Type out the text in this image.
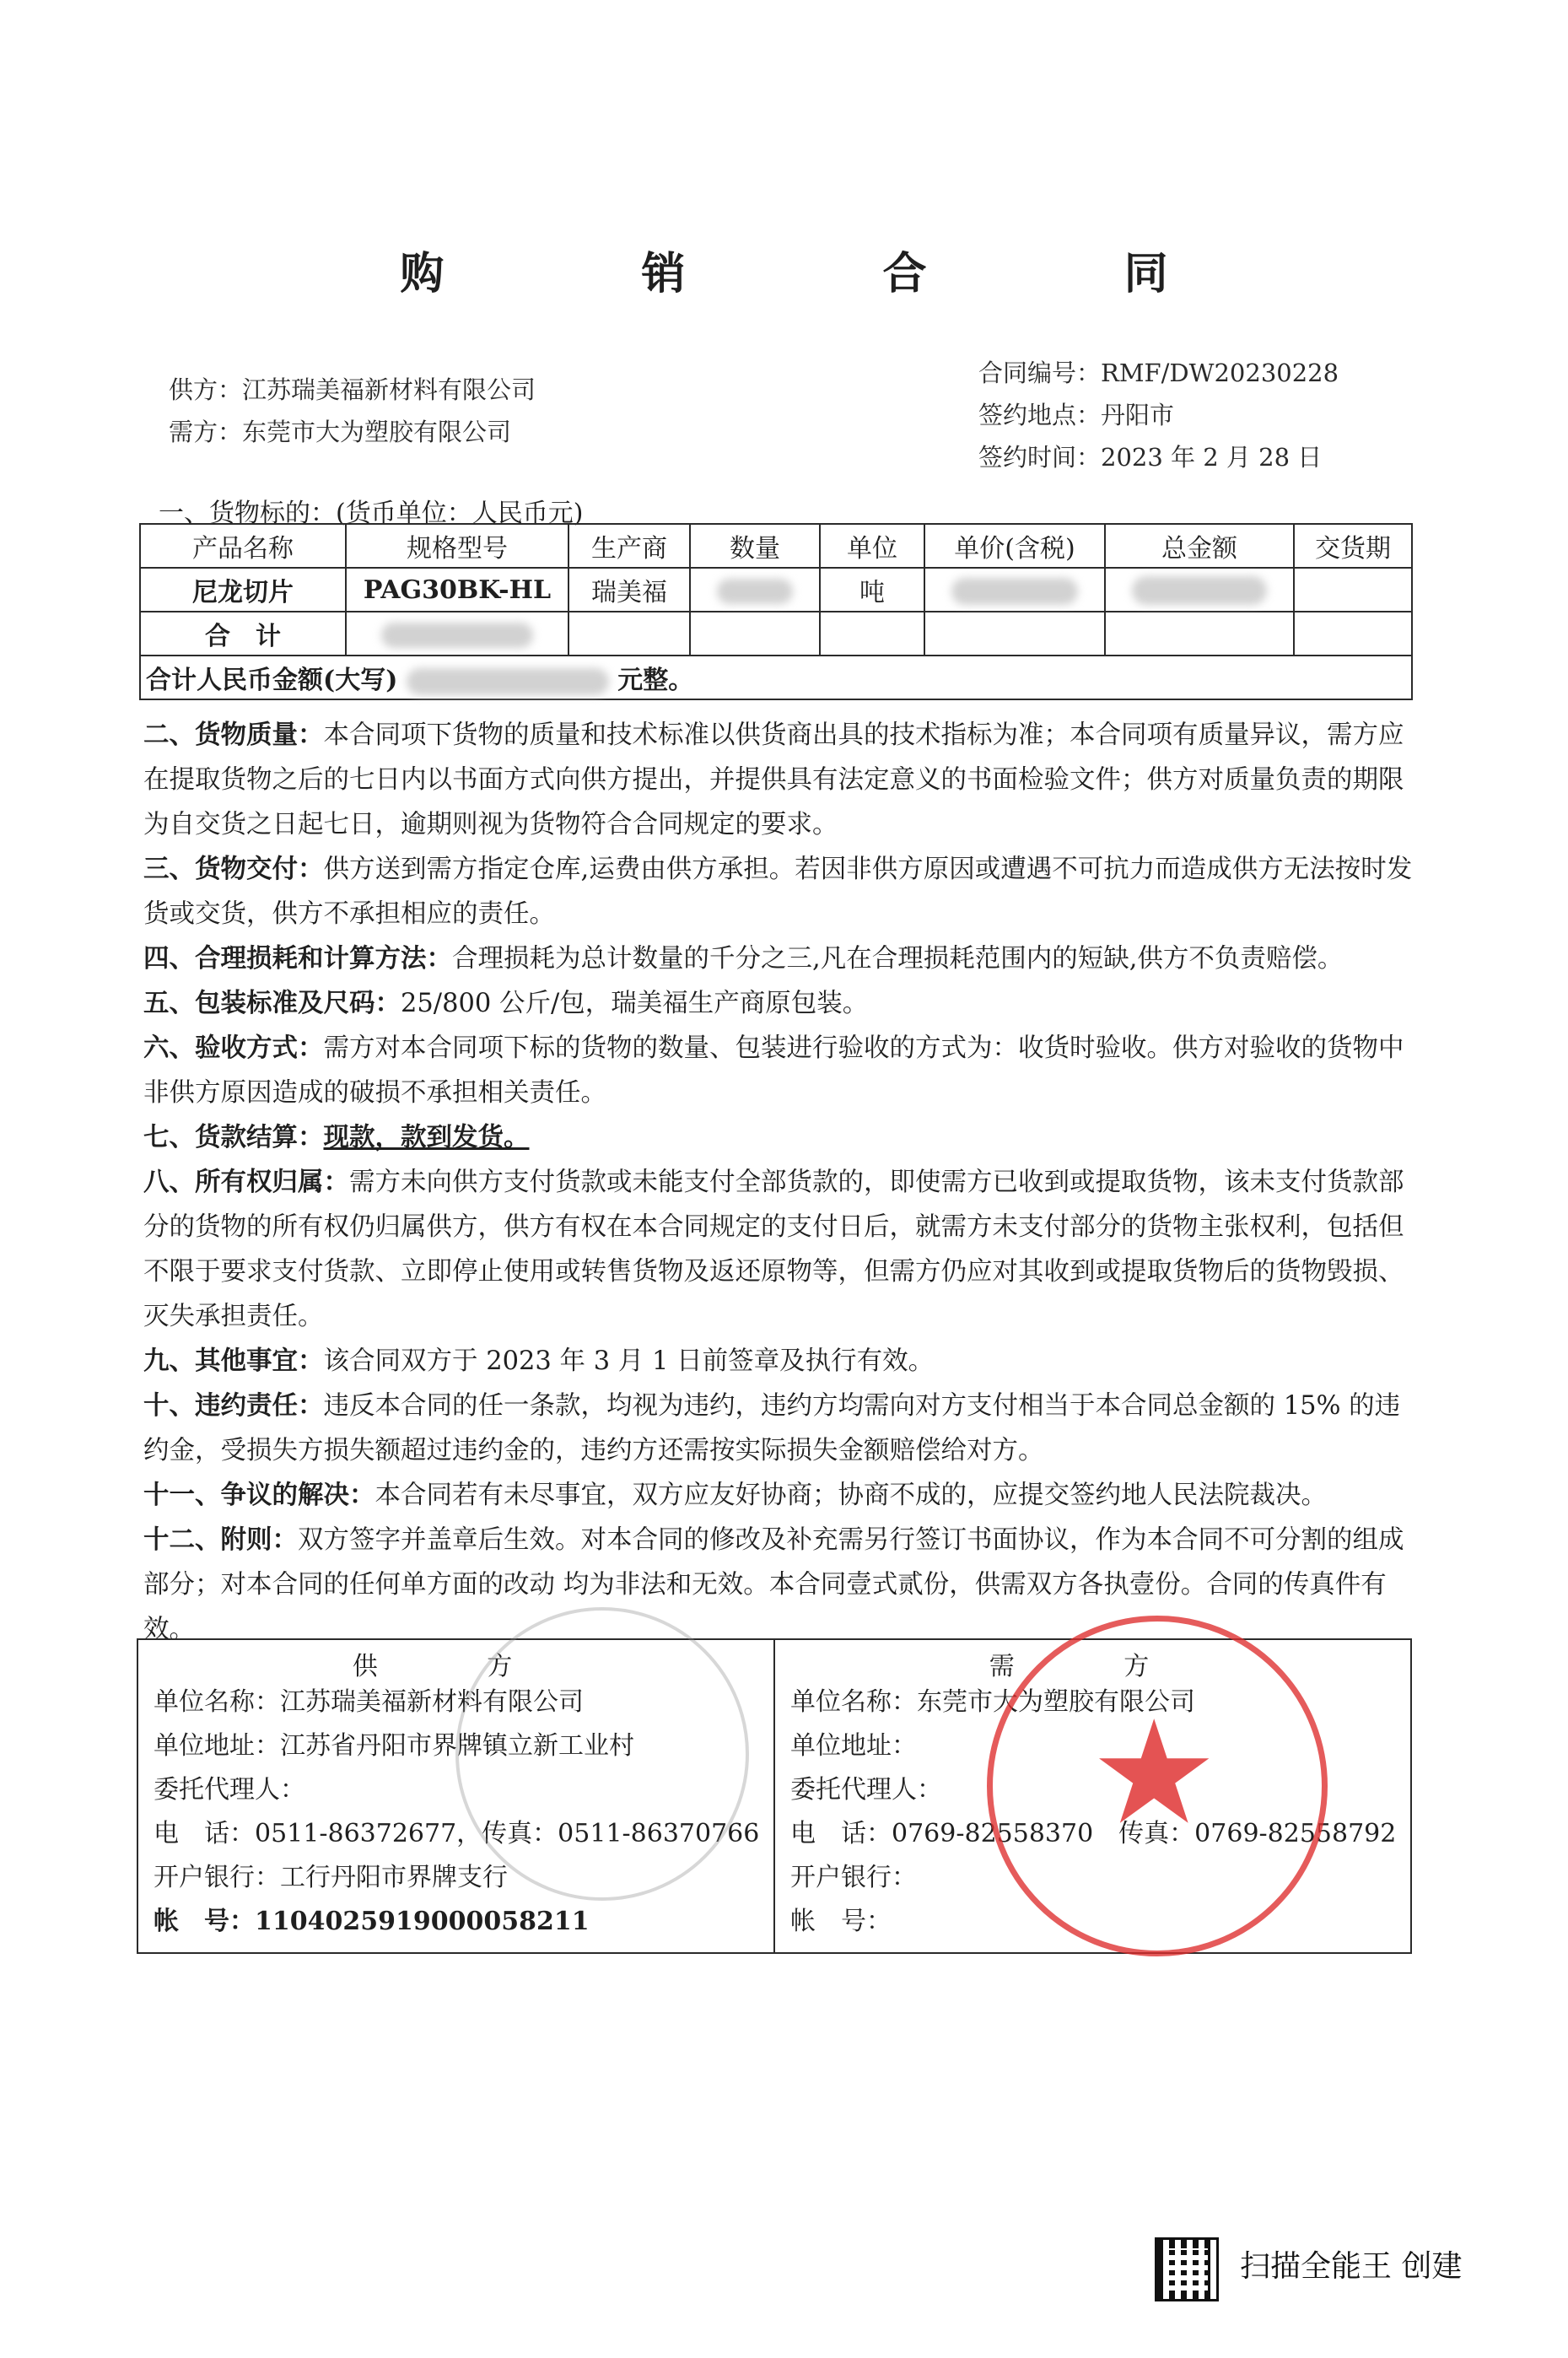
购 销 合 同
供方：江苏瑞美福新材料有限公司
需方：东莞市大为塑胶有限公司
合同编号：RMF/DW20230228
签约地点：丹阳市
签约时间：2023 年 2 月 28 日
一、货物标的：(货币单位：人民币元)
产品名称	规格型号	生产商	数量	单位	单价(含税)	总金额	交货期
尼龙切片	PAG30BK-HL	瑞美福		吨			
合　计							
合计人民币金额(大写) 元整。							

二、货物质量：本合同项下货物的质量和技术标准以供货商出具的技术指标为准；本合同项有质量异议，需方应在提取货物之后的七日内以书面方式向供方提出，并提供具有法定意义的书面检验文件；供方对质量负责的期限为自交货之日起七日，逾期则视为货物符合合同规定的要求。

三、货物交付：供方送到需方指定仓库,运费由供方承担。若因非供方原因或遭遇不可抗力而造成供方无法按时发货或交货，供方不承担相应的责任。

四、合理损耗和计算方法：合理损耗为总计数量的千分之三,凡在合理损耗范围内的短缺,供方不负责赔偿。

五、包装标准及尺码：25/800 公斤/包，瑞美福生产商原包装。

六、验收方式：需方对本合同项下标的货物的数量、包装进行验收的方式为：收货时验收。供方对验收的货物中非供方原因造成的破损不承担相关责任。

七、货款结算：现款，款到发货。

八、所有权归属：需方未向供方支付货款或未能支付全部货款的，即使需方已收到或提取货物，该未支付货款部分的货物的所有权仍归属供方，供方有权在本合同规定的支付日后，就需方未支付部分的货物主张权利，包括但不限于要求支付货款、立即停止使用或转售货物及返还原物等，但需方仍应对其收到或提取货物后的货物毁损、灭失承担责任。

九、其他事宜：该合同双方于 2023 年 3 月 1 日前签章及执行有效。

十、违约责任：违反本合同的任一条款，均视为违约，违约方均需向对方支付相当于本合同总金额的 15% 的违约金，受损失方损失额超过违约金的，违约方还需按实际损失金额赔偿给对方。

十一、争议的解决：本合同若有未尽事宜，双方应友好协商；协商不成的，应提交签约地人民法院裁决。

十二、附则：双方签字并盖章后生效。对本合同的修改及补充需另行签订书面协议，作为本合同不可分割的组成部分；对本合同的任何单方面的改动 均为非法和无效。本合同壹式贰份，供需双方各执壹份。合同的传真件有效。

供 方
单位名称：江苏瑞美福新材料有限公司
单位地址：江苏省丹阳市界牌镇立新工业村
委托代理人：
电　话：0511-86372677，传真：0511-86370766
开户银行：工行丹阳市界牌支行
帐　号：1104025919000058211

需 方
单位名称：东莞市大为塑胶有限公司
单位地址：
委托代理人：
电　话：0769-82558370　传真：0769-82558792
开户银行：
帐　号：
★
扫描全能王 创建
